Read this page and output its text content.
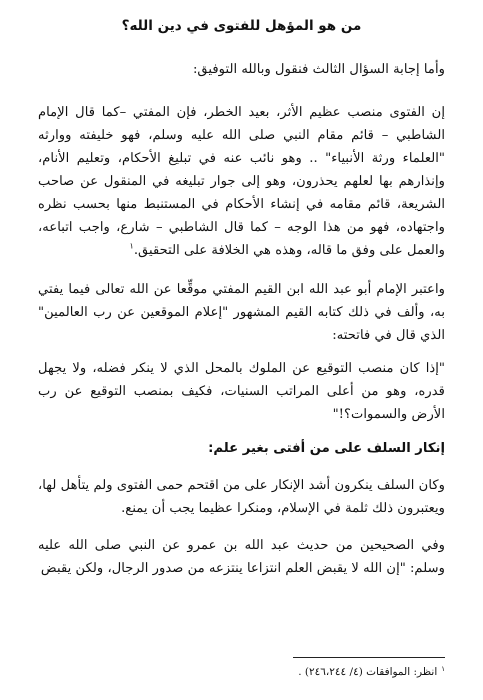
من هو المؤهل للفتوى في دين الله؟

وأما إجابة السؤال الثالث فنقول وبالله التوفيق:

إن الفتوى منصب عظيم الأثر، بعيد الخطر، فإن المفتي –كما قال الإمام الشاطبي – قائم مقام النبي صلى الله عليه وسلم، فهو خليفته ووارثه "العلماء ورثة الأنبياء" .. وهو نائب عنه في تبليغ الأحكام، وتعليم الأنام، وإنذارهم بها لعلهم يحذرون، وهو إلى جوار تبليغه في المنقول عن صاحب الشريعة، قائم مقامه في إنشاء الأحكام في المستنبط منها بحسب نظره واجتهاده، فهو من هذا الوجه – كما قال الشاطبي – شارع، واجب اتباعه، والعمل على وفق ما قاله، وهذه هي الخلافة على التحقيق.$^١$

واعتبر الإمام أبو عبد الله ابن القيم المفتي موقِّعا عن الله تعالى فيما يفتي به، وألف في ذلك كتابه القيم المشهور "إعلام الموقعين عن رب العالمين" الذي قال في فاتحته:

"إذا كان منصب التوقيع عن الملوك بالمحل الذي لا ينكر فضله، ولا يجهل قدره، وهو من أعلى المراتب السنيات، فكيف بمنصب التوقيع عن رب الأرض والسموات؟!"

إنكار السلف على من أفتى بغير علم:

وكان السلف ينكرون أشد الإنكار على من اقتحم حمى الفتوى ولم يتأهل لها، ويعتبرون ذلك ثلمة في الإسلام، ومنكرا عظيما يجب أن يمنع.

وفي الصحيحين من حديث عبد الله بن عمرو عن النبي صلى الله عليه وسلم: "إن الله لا يقبض العلم انتزاعا ينتزعه من صدور الرجال، ولكن يقبض

$^١$انظر: الموافقات (٤/ ٢٤٦،٢٤٤) .
